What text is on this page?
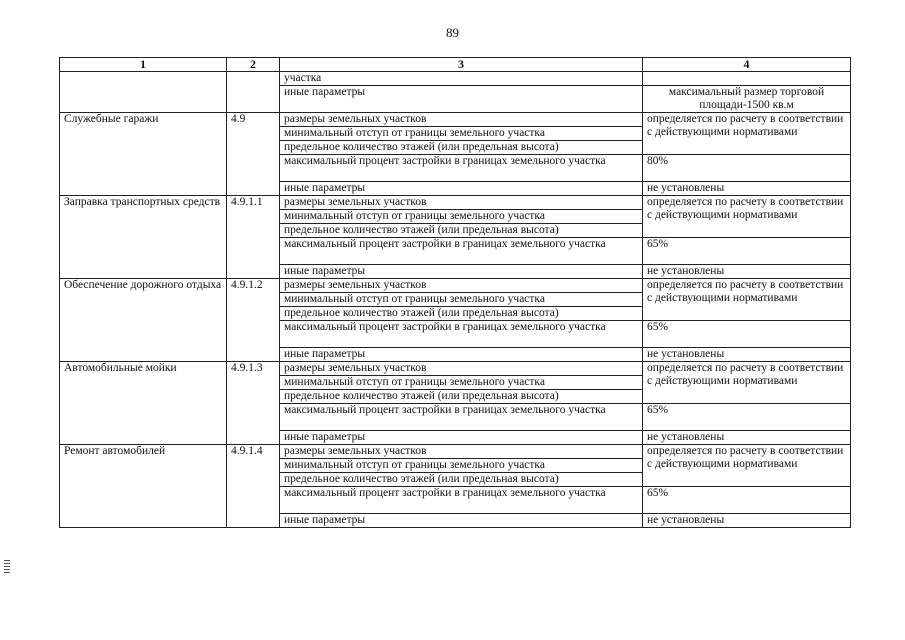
89
1	2	3	4
		участка	
		иные параметры	максимальный размер торговой площади-1500 кв.м
Служебные гаражи	4.9	размеры земельных участков	определяется по расчету в соответствии с действующими нормативами
		минимальный отступ от границы земельного участка	
		предельное количество этажей (или предельная высота)	
		максимальный процент застройки в границах земельного участка	80%
		иные параметры	не установлены
Заправка транспортных средств	4.9.1.1	размеры земельных участков	определяется по расчету в соответствии с действующими нормативами
		минимальный отступ от границы земельного участка	
		предельное количество этажей (или предельная высота)	
		максимальный процент застройки в границах земельного участка	65%
		иные параметры	не установлены
Обеспечение дорожного отдыха	4.9.1.2	размеры земельных участков	определяется по расчету в соответствии с действующими нормативами
		минимальный отступ от границы земельного участка	
		предельное количество этажей (или предельная высота)	
		максимальный процент застройки в границах земельного участка	65%
		иные параметры	не установлены
Автомобильные мойки	4.9.1.3	размеры земельных участков	определяется по расчету в соответствии с действующими нормативами
		минимальный отступ от границы земельного участка	
		предельное количество этажей (или предельная высота)	
		максимальный процент застройки в границах земельного участка	65%
		иные параметры	не установлены
Ремонт автомобилей	4.9.1.4	размеры земельных участков	определяется по расчету в соответствии с действующими нормативами
		минимальный отступ от границы земельного участка	
		предельное количество этажей (или предельная высота)	
		максимальный процент застройки в границах земельного участка	65%
		иные параметры	не установлены
